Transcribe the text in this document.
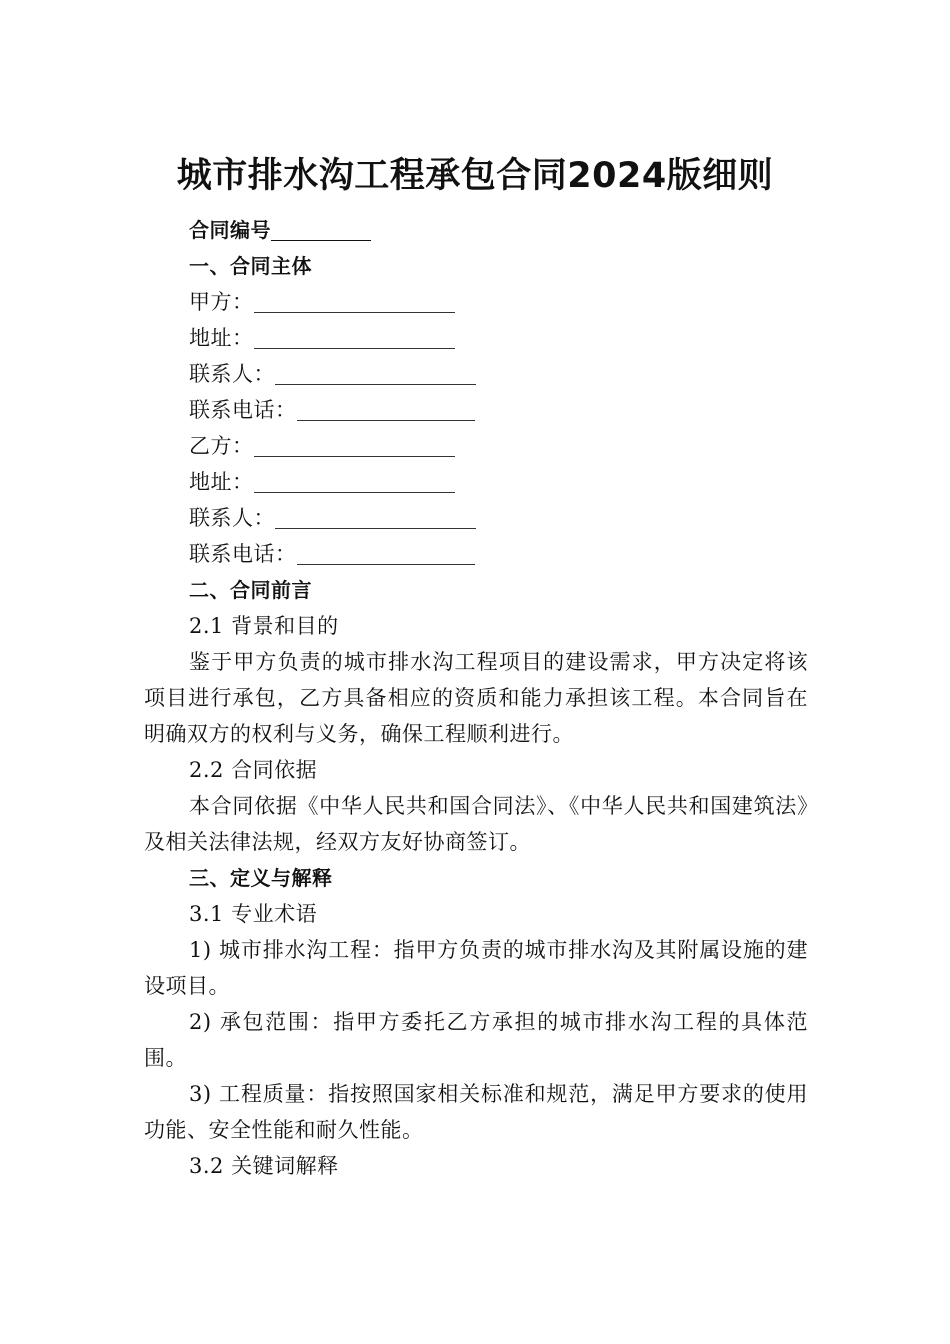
城市排水沟工程承包合同2024版细则
合同编号
一、合同主体
甲方：
地址：
联系人：
联系电话：
乙方：
地址：
联系人：
联系电话：
二、合同前言
2.1 背景和目的

鉴于甲方负责的城市排水沟工程项目的建设需求，甲方决定将该项目进行承包，乙方具备相应的资质和能力承担该工程。本合同旨在明确双方的权利与义务，确保工程顺利进行。

2.2 合同依据

本合同依据《中华人民共和国合同法》、《中华人民共和国建筑法》及相关法律法规，经双方友好协商签订。

三、定义与解释
3.1 专业术语

1) 城市排水沟工程：指甲方负责的城市排水沟及其附属设施的建设项目。

2) 承包范围：指甲方委托乙方承担的城市排水沟工程的具体范围。

3) 工程质量：指按照国家相关标准和规范，满足甲方要求的使用功能、安全性能和耐久性能。

3.2 关键词解释
